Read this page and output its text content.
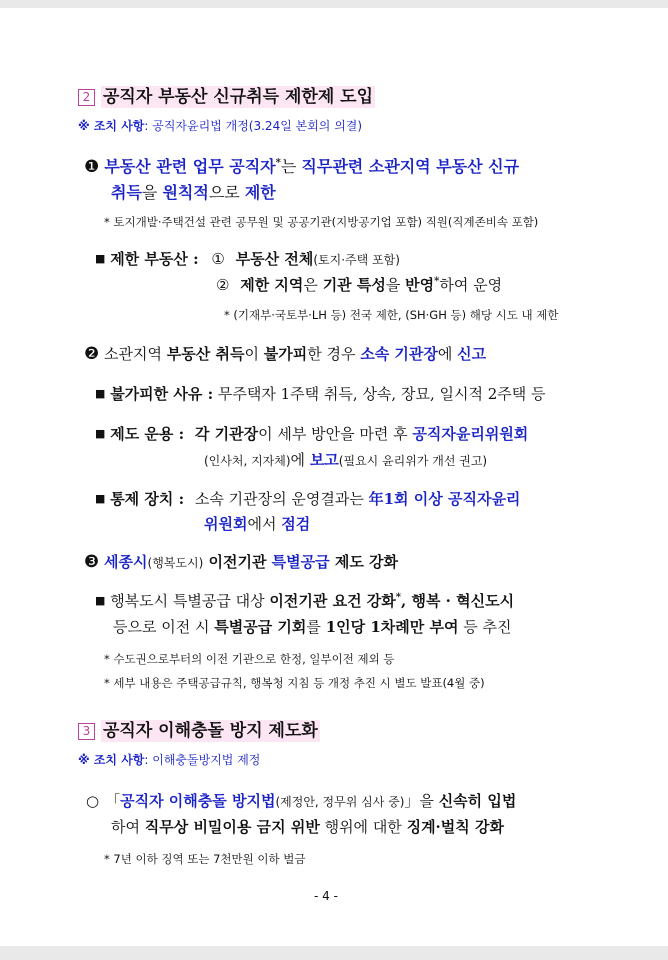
2 공직자 부동산 신규취득 제한제 도입
※ 조치 사항: 공직자윤리법 개정(3.24일 본회의 의결)
❶ 부동산 관련 업무 공직자*는 직무관련 소관지역 부동산 신규
취득을 원칙적으로 제한
* 토지개발·주택건설 관련 공무원 및 공공기관(지방공기업 포함) 직원(직계존비속 포함)
■ 제한 부동산 : ① 부동산 전체(토지·주택 포함)
② 제한 지역은 기관 특성을 반영*하여 운영
* (기재부·국토부·LH 등) 전국 제한, (SH·GH 등) 해당 시도 내 제한
❷ 소관지역 부동산 취득이 불가피한 경우 소속 기관장에 신고
■ 불가피한 사유 : 무주택자 1주택 취득, 상속, 장묘, 일시적 2주택 등
■ 제도 운용 : 각 기관장이 세부 방안을 마련 후 공직자윤리위원회
(인사처, 지자체)에 보고(필요시 윤리위가 개선 권고)
■ 통제 장치 : 소속 기관장의 운영결과는 年1회 이상 공직자윤리
위원회에서 점검
❸ 세종시(행복도시) 이전기관 특별공급 제도 강화
■ 행복도시 특별공급 대상 이전기관 요건 강화*, 행복 · 혁신도시
등으로 이전 시 특별공급 기회를 1인당 1차례만 부여 등 추진
* 수도권으로부터의 이전 기관으로 한정, 일부이전 제외 등
* 세부 내용은 주택공급규칙, 행복청 지침 등 개정 추진 시 별도 발표(4월 중)
3 공직자 이해충돌 방지 제도화
※ 조치 사항: 이해충돌방지법 제정
○ 「공직자 이해충돌 방지법(제정안, 정무위 심사 중)」을 신속히 입법
하여 직무상 비밀이용 금지 위반 행위에 대한 징계·벌칙 강화
* 7년 이하 징역 또는 7천만원 이하 벌금
- 4 -
